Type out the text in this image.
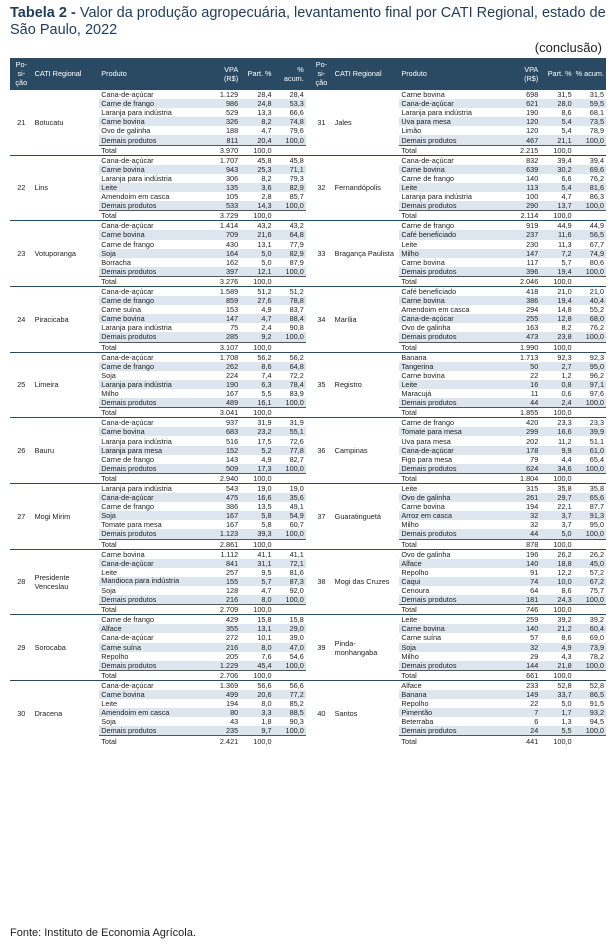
Tabela 2 - Valor da produção agropecuária, levantamento final por CATI Regional, estado de São Paulo, 2022
(conclusão)
Po- si- ção	CATI Regional	Produto	VPA (R$)	Part. %	% acum.		Po- si- ção	CATI Regional	Produto	VPA (R$)	Part. %	% acum.
21	Botucatu	Cana-de-açúcar	1.129	28,4	28,4		31	Jales	Carne bovina	698	31,5	31,5
		Carne de frango	986	24,8	53,3				Cana-de-açúcar	621	28,0	59,5
		Laranja para indústria	529	13,3	66,6				Laranja para indústria	190	8,6	68,1
		Carne bovina	326	8,2	74,8				Uva para mesa	120	5,4	73,5
		Ovo de galinha	188	4,7	79,6				Limão	120	5,4	78,9
		Demais produtos	811	20,4	100,0				Demais produtos	467	21,1	100,0
		Total	3.970	100,0					Total	2.215	100,0	
22	Lins	Cana-de-açúcar	1.707	45,8	45,8		32	Fernandópolis	Cana-de-açúcar	832	39,4	39,4
		Carne bovina	943	25,3	71,1				Carne bovina	639	30,2	69,6
		Laranja para indústria	306	8,2	79,3				Carne de frango	140	6,6	76,2
		Leite	135	3,6	82,9				Leite	113	5,4	81,6
		Amendoim em casca	105	2,8	85,7				Laranja para indústria	100	4,7	86,3
		Demais produtos	533	14,3	100,0				Demais produtos	290	13,7	100,0
		Total	3.729	100,0					Total	2.114	100,0	
23	Votuporanga	Cana-de-açúcar	1.414	43,2	43,2		33	Bragança Paulista	Carne de frango	919	44,9	44,9
		Carne bovina	709	21,6	64,8				Café beneficiado	237	11,6	56,5
		Carne de frango	430	13,1	77,9				Leite	230	11,3	67,7
		Soja	164	5,0	82,9				Milho	147	7,2	74,9
		Borracha	162	5,0	87,9				Carne bovina	117	5,7	80,6
		Demais produtos	397	12,1	100,0				Demais produtos	396	19,4	100,0
		Total	3.276	100,0					Total	2.046	100,0	
24	Piracicaba	Cana-de-açúcar	1.589	51,2	51,2		34	Marília	Café beneficiado	418	21,0	21,0
		Carne de frango	859	27,6	78,8				Carne bovina	386	19,4	40,4
		Carne suína	153	4,9	83,7				Amendoim em casca	294	14,8	55,2
		Carne bovina	147	4,7	88,4				Cana-de-açúcar	255	12,8	68,0
		Laranja para indústria	75	2,4	90,8				Ovo de galinha	163	8,2	76,2
		Demais produtos	285	9,2	100,0				Demais produtos	473	23,8	100,0
		Total	3.107	100,0					Total	1.990	100,0	
25	Limeira	Cana-de-açúcar	1.708	56,2	56,2		35	Registro	Banana	1.713	92,3	92,3
		Carne de frango	262	8,6	64,8				Tangerina	50	2,7	95,0
		Soja	224	7,4	72,2				Carne bovina	22	1,2	96,2
		Laranja para indústria	190	6,3	78,4				Leite	16	0,8	97,1
		Milho	167	5,5	83,9				Maracujá	11	0,6	97,6
		Demais produtos	489	16,1	100,0				Demais produtos	44	2,4	100,0
		Total	3.041	100,0					Total	1.855	100,0	
26	Bauru	Cana-de-açúcar	937	31,9	31,9		36	Campinas	Carne de frango	420	23,3	23,3
		Carne bovina	683	23,2	55,1				Tomate para mesa	299	16,6	39,9
		Laranja para indústria	516	17,5	72,6				Uva para mesa	202	11,2	51,1
		Laranja para mesa	152	5,2	77,8				Cana-de-açúcar	178	9,9	61,0
		Carne de frango	143	4,9	82,7				Figo para mesa	79	4,4	65,4
		Demais produtos	509	17,3	100,0				Demais produtos	624	34,6	100,0
		Total	2.940	100,0					Total	1.804	100,0	
27	Mogi Mirim	Laranja para indústria	543	19,0	19,0		37	Guaratinguetá	Leite	315	35,8	35,8
		Cana-de-açúcar	475	16,6	35,6				Ovo de galinha	261	29,7	65,6
		Carne de frango	386	13,5	49,1				Carne bovina	194	22,1	87,7
		Soja	167	5,8	54,9				Arroz em casca	32	3,7	91,3
		Tomate para mesa	167	5,8	60,7				Milho	32	3,7	95,0
		Demais produtos	1.123	39,3	100,0				Demais produtos	44	5,0	100,0
		Total	2.861	100,0					Total	878	100,0	
28	Presidente Venceslau	Carne bovina	1.112	41,1	41,1		38	Mogi das Cruzes	Ovo de galinha	196	26,2	26,2
		Cana-de-açúcar	841	31,1	72,1				Alface	140	18,8	45,0
		Leite	257	9,5	81,6				Repolho	91	12,2	57,2
		Mandioca para indústria	155	5,7	87,3				Caqui	74	10,0	67,2
		Soja	128	4,7	92,0				Cenoura	64	8,6	75,7
		Demais produtos	216	8,0	100,0				Demais produtos	181	24,3	100,0
		Total	2.709	100,0					Total	746	100,0	
29	Sorocaba	Carne de frango	429	15,8	15,8		39	Pinda- monhangaba	Leite	259	39,2	39,2
		Alface	355	13,1	29,0				Carne bovina	140	21,2	60,4
		Cana-de-açúcar	272	10,1	39,0				Carne suína	57	8,6	69,0
		Carne suína	216	8,0	47,0				Soja	32	4,9	73,9
		Repolho	205	7,6	54,6				Milho	29	4,3	78,2
		Demais produtos	1.229	45,4	100,0				Demais produtos	144	21,8	100,0
		Total	2.706	100,0					Total	661	100,0	
30	Dracena	Cana-de-açúcar	1.369	56,6	56,6		40	Santos	Alface	233	52,8	52,8
		Carne bovina	499	20,6	77,2				Banana	149	33,7	86,5
		Leite	194	8,0	85,2				Repolho	22	5,0	91,5
		Amendoim em casca	80	3,3	88,5				Pimentão	7	1,7	93,2
		Soja	43	1,8	90,3				Beterraba	6	1,3	94,5
		Demais produtos	235	9,7	100,0				Demais produtos	24	5,5	100,0
		Total	2.421	100,0					Total	441	100,0	
Fonte: Instituto de Economia Agrícola.
